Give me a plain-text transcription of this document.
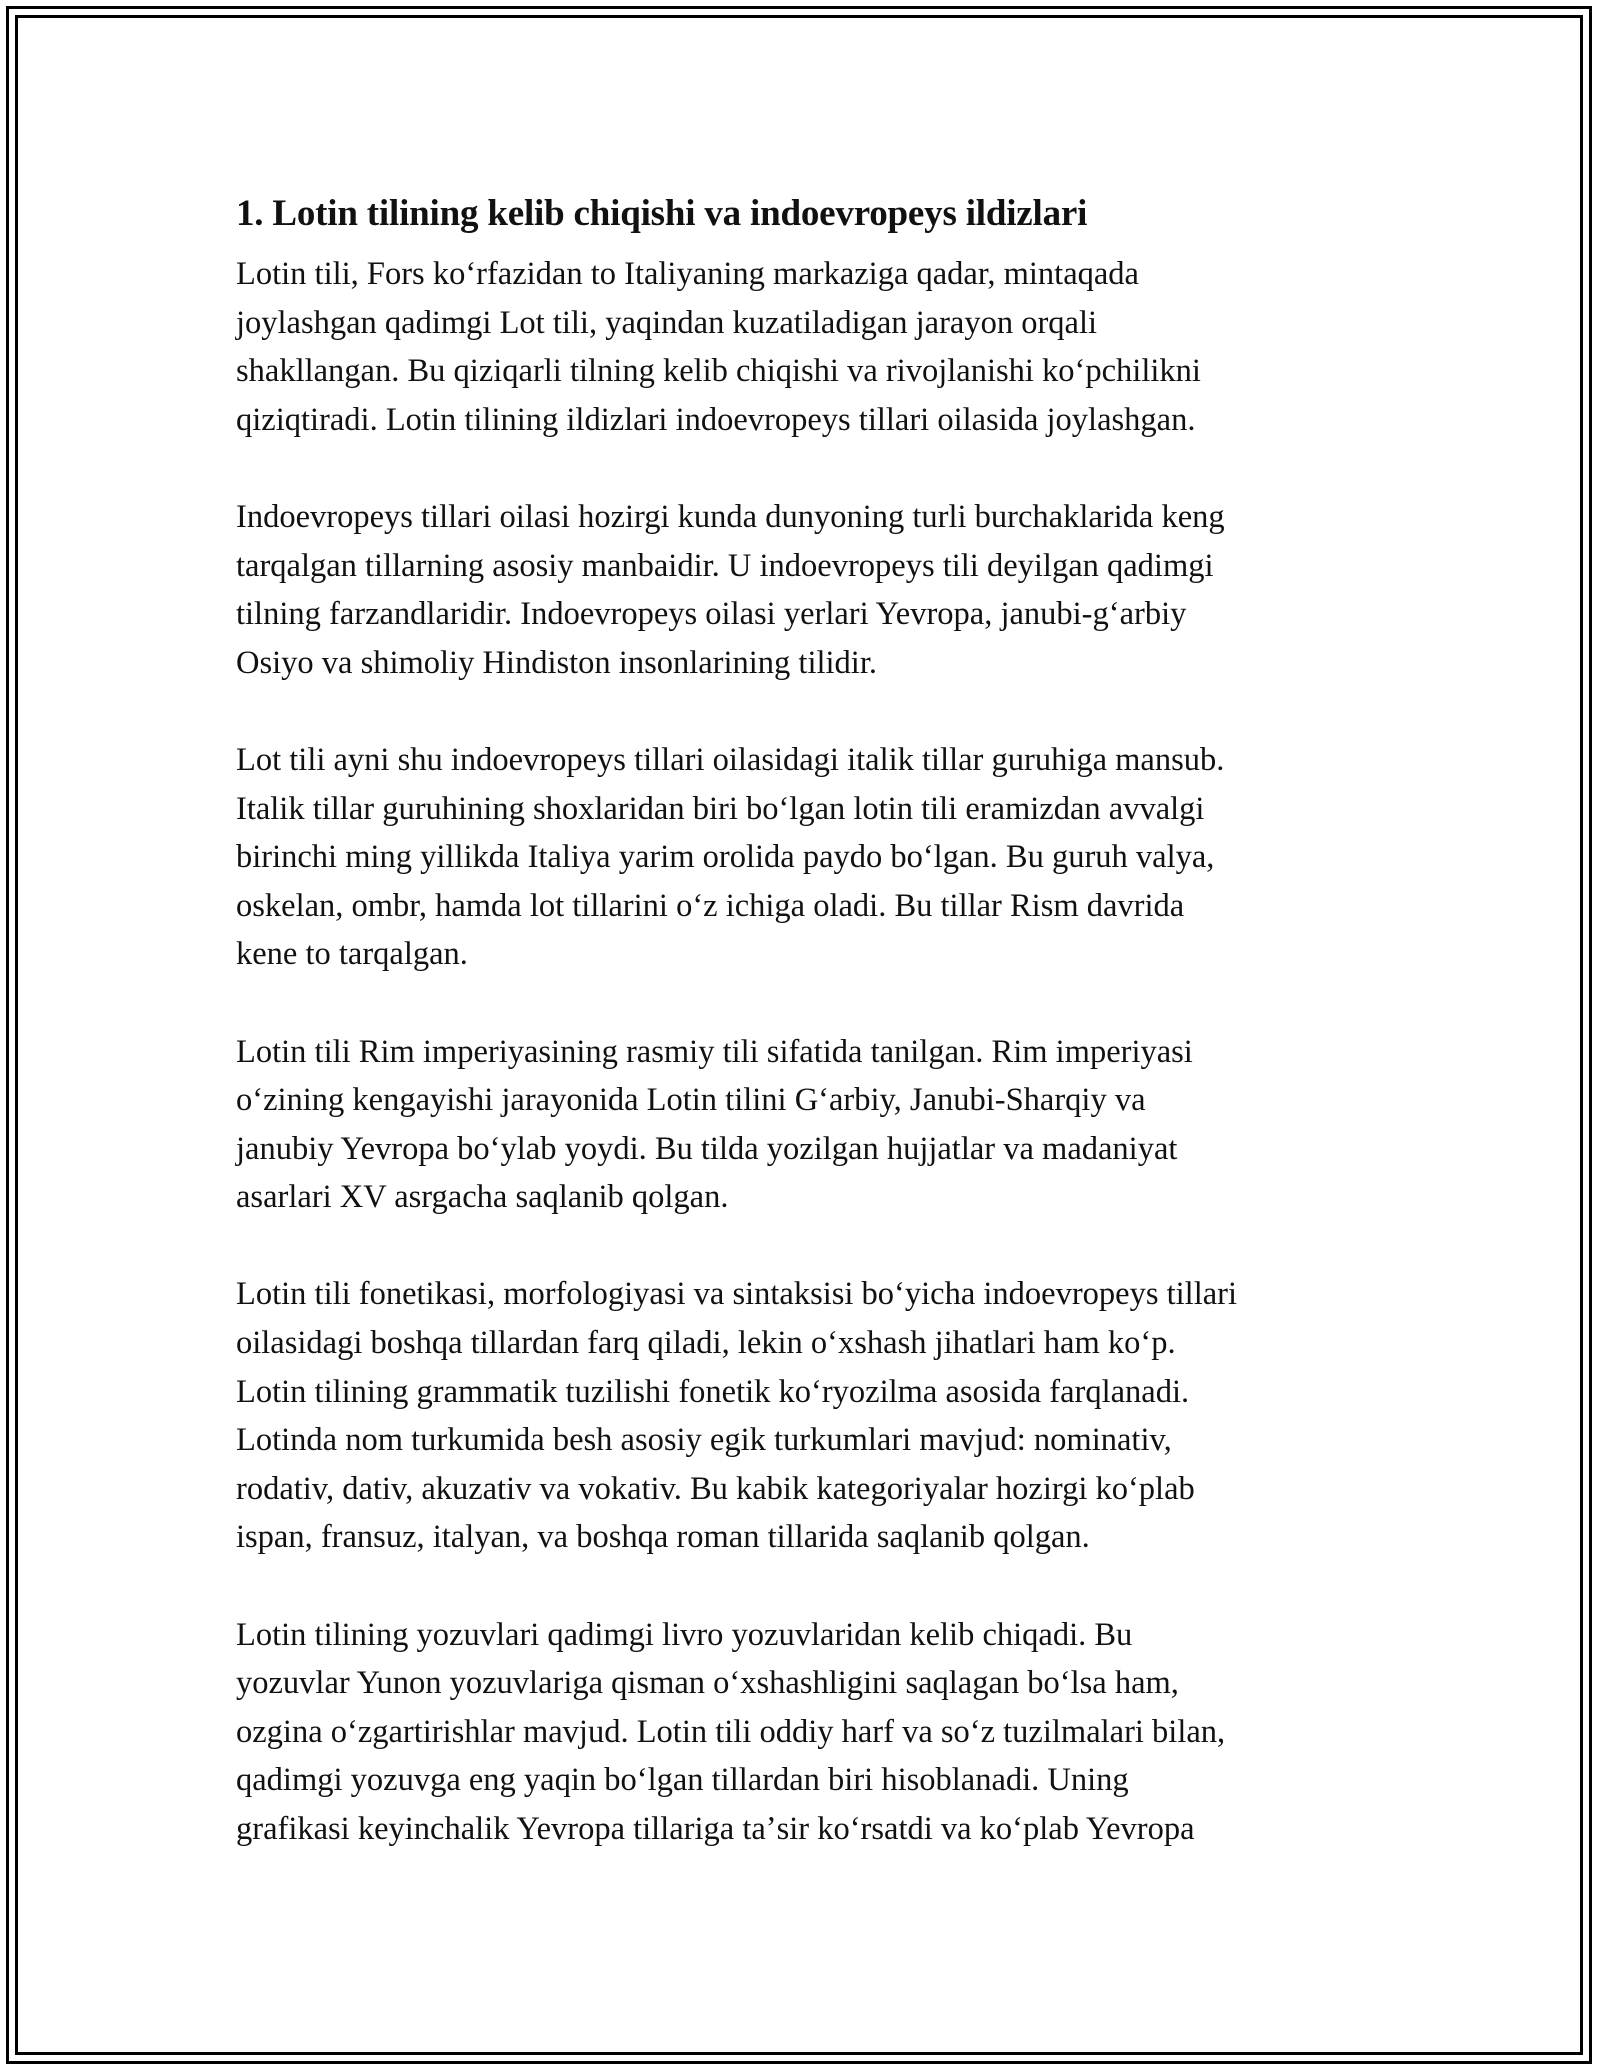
1. Lotin tilining kelib chiqishi va indoevropeys ildizlari

Lotin tili, Fors koʻrfazidan to Italiyaning markaziga qadar, mintaqada
joylashgan qadimgi Lot tili, yaqindan kuzatiladigan jarayon orqali
shakllangan. Bu qiziqarli tilning kelib chiqishi va rivojlanishi koʻpchilikni
qiziqtiradi. Lotin tilining ildizlari indoevropeys tillari oilasida joylashgan.

Indoevropeys tillari oilasi hozirgi kunda dunyoning turli burchaklarida keng
tarqalgan tillarning asosiy manbaidir. U indoevropeys tili deyilgan qadimgi
tilning farzandlaridir. Indoevropeys oilasi yerlari Yevropa, janubi-gʻarbiy
Osiyo va shimoliy Hindiston insonlarining tilidir.

Lot tili ayni shu indoevropeys tillari oilasidagi italik tillar guruhiga mansub.
Italik tillar guruhining shoxlaridan biri boʻlgan lotin tili eramizdan avvalgi
birinchi ming yillikda Italiya yarim orolida paydo boʻlgan. Bu guruh valya,
oskelan, ombr, hamda lot tillarini oʻz ichiga oladi. Bu tillar Rism davrida
kene to tarqalgan.

Lotin tili Rim imperiyasining rasmiy tili sifatida tanilgan. Rim imperiyasi
oʻzining kengayishi jarayonida Lotin tilini Gʻarbiy, Janubi-Sharqiy va
janubiy Yevropa boʻylab yoydi. Bu tilda yozilgan hujjatlar va madaniyat
asarlari XV asrgacha saqlanib qolgan.

Lotin tili fonetikasi, morfologiyasi va sintaksisi boʻyicha indoevropeys tillari
oilasidagi boshqa tillardan farq qiladi, lekin oʻxshash jihatlari ham koʻp.
Lotin tilining grammatik tuzilishi fonetik koʻryozilma asosida farqlanadi.
Lotinda nom turkumida besh asosiy egik turkumlari mavjud: nominativ,
rodativ, dativ, akuzativ va vokativ. Bu kabik kategoriyalar hozirgi koʻplab
ispan, fransuz, italyan, va boshqa roman tillarida saqlanib qolgan.

Lotin tilining yozuvlari qadimgi livro yozuvlaridan kelib chiqadi. Bu
yozuvlar Yunon yozuvlariga qisman oʻxshashligini saqlagan boʻlsa ham,
ozgina oʻzgartirishlar mavjud. Lotin tili oddiy harf va soʻz tuzilmalari bilan,
qadimgi yozuvga eng yaqin boʻlgan tillardan biri hisoblanadi. Uning
grafikasi keyinchalik Yevropa tillariga taʼsir koʻrsatdi va koʻplab Yevropa
